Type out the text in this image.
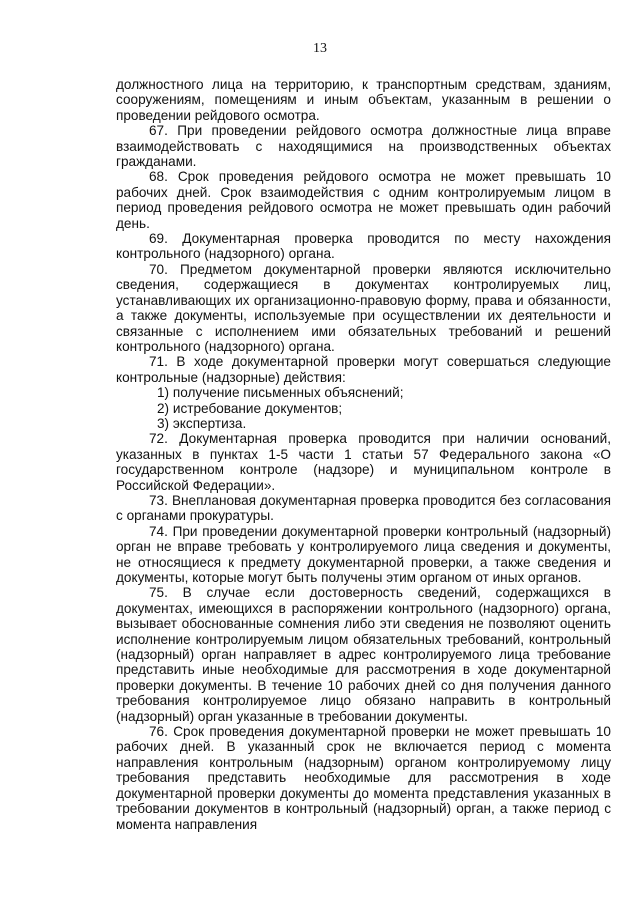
13

должностного лица на территорию, к транспортным средствам, зданиям, сооружениям, помещениям и иным объектам, указанным в решении о проведении рейдового осмотра.

67. При проведении рейдового осмотра должностные лица вправе взаимодействовать с находящимися на производственных объектах гражданами.

68. Срок проведения рейдового осмотра не может превышать 10 рабочих дней. Срок взаимодействия с одним контролируемым лицом в период проведения рейдового осмотра не может превышать один рабочий день.

69. Документарная проверка проводится по месту нахождения контрольного (надзорного) органа.

70. Предметом документарной проверки являются исключительно сведения, содержащиеся в документах контролируемых лиц, устанавливающих их организационно-правовую форму, права и обязанности, а также документы, используемые при осуществлении их деятельности и связанные с исполнением ими обязательных требований и решений контрольного (надзорного) органа.

71. В ходе документарной проверки могут совершаться следующие контрольные (надзорные) действия:

1) получение письменных объяснений;

2) истребование документов;

3) экспертиза.

72. Документарная проверка проводится при наличии оснований, указанных в пунктах 1-5 части 1 статьи 57 Федерального закона «О государственном контроле (надзоре) и муниципальном контроле в Российской Федерации».

73. Внеплановая документарная проверка проводится без согласования с органами прокуратуры.

74. При проведении документарной проверки контрольный (надзорный) орган не вправе требовать у контролируемого лица сведения и документы, не относящиеся к предмету документарной проверки, а также сведения и документы, которые могут быть получены этим органом от иных органов.

75. В случае если достоверность сведений, содержащихся в документах, имеющихся в распоряжении контрольного (надзорного) органа, вызывает обоснованные сомнения либо эти сведения не позволяют оценить исполнение контролируемым лицом обязательных требований, контрольный (надзорный) орган направляет в адрес контролируемого лица требование представить иные необходимые для рассмотрения в ходе документарной проверки документы. В течение 10 рабочих дней со дня получения данного требования контролируемое лицо обязано направить в контрольный (надзорный) орган указанные в требовании документы.

76. Срок проведения документарной проверки не может превышать 10 рабочих дней. В указанный срок не включается период с момента направления контрольным (надзорным) органом контролируемому лицу требования представить необходимые для рассмотрения в ходе документарной проверки документы до момента представления указанных в требовании документов в контрольный (надзорный) орган, а также период с момента направления
